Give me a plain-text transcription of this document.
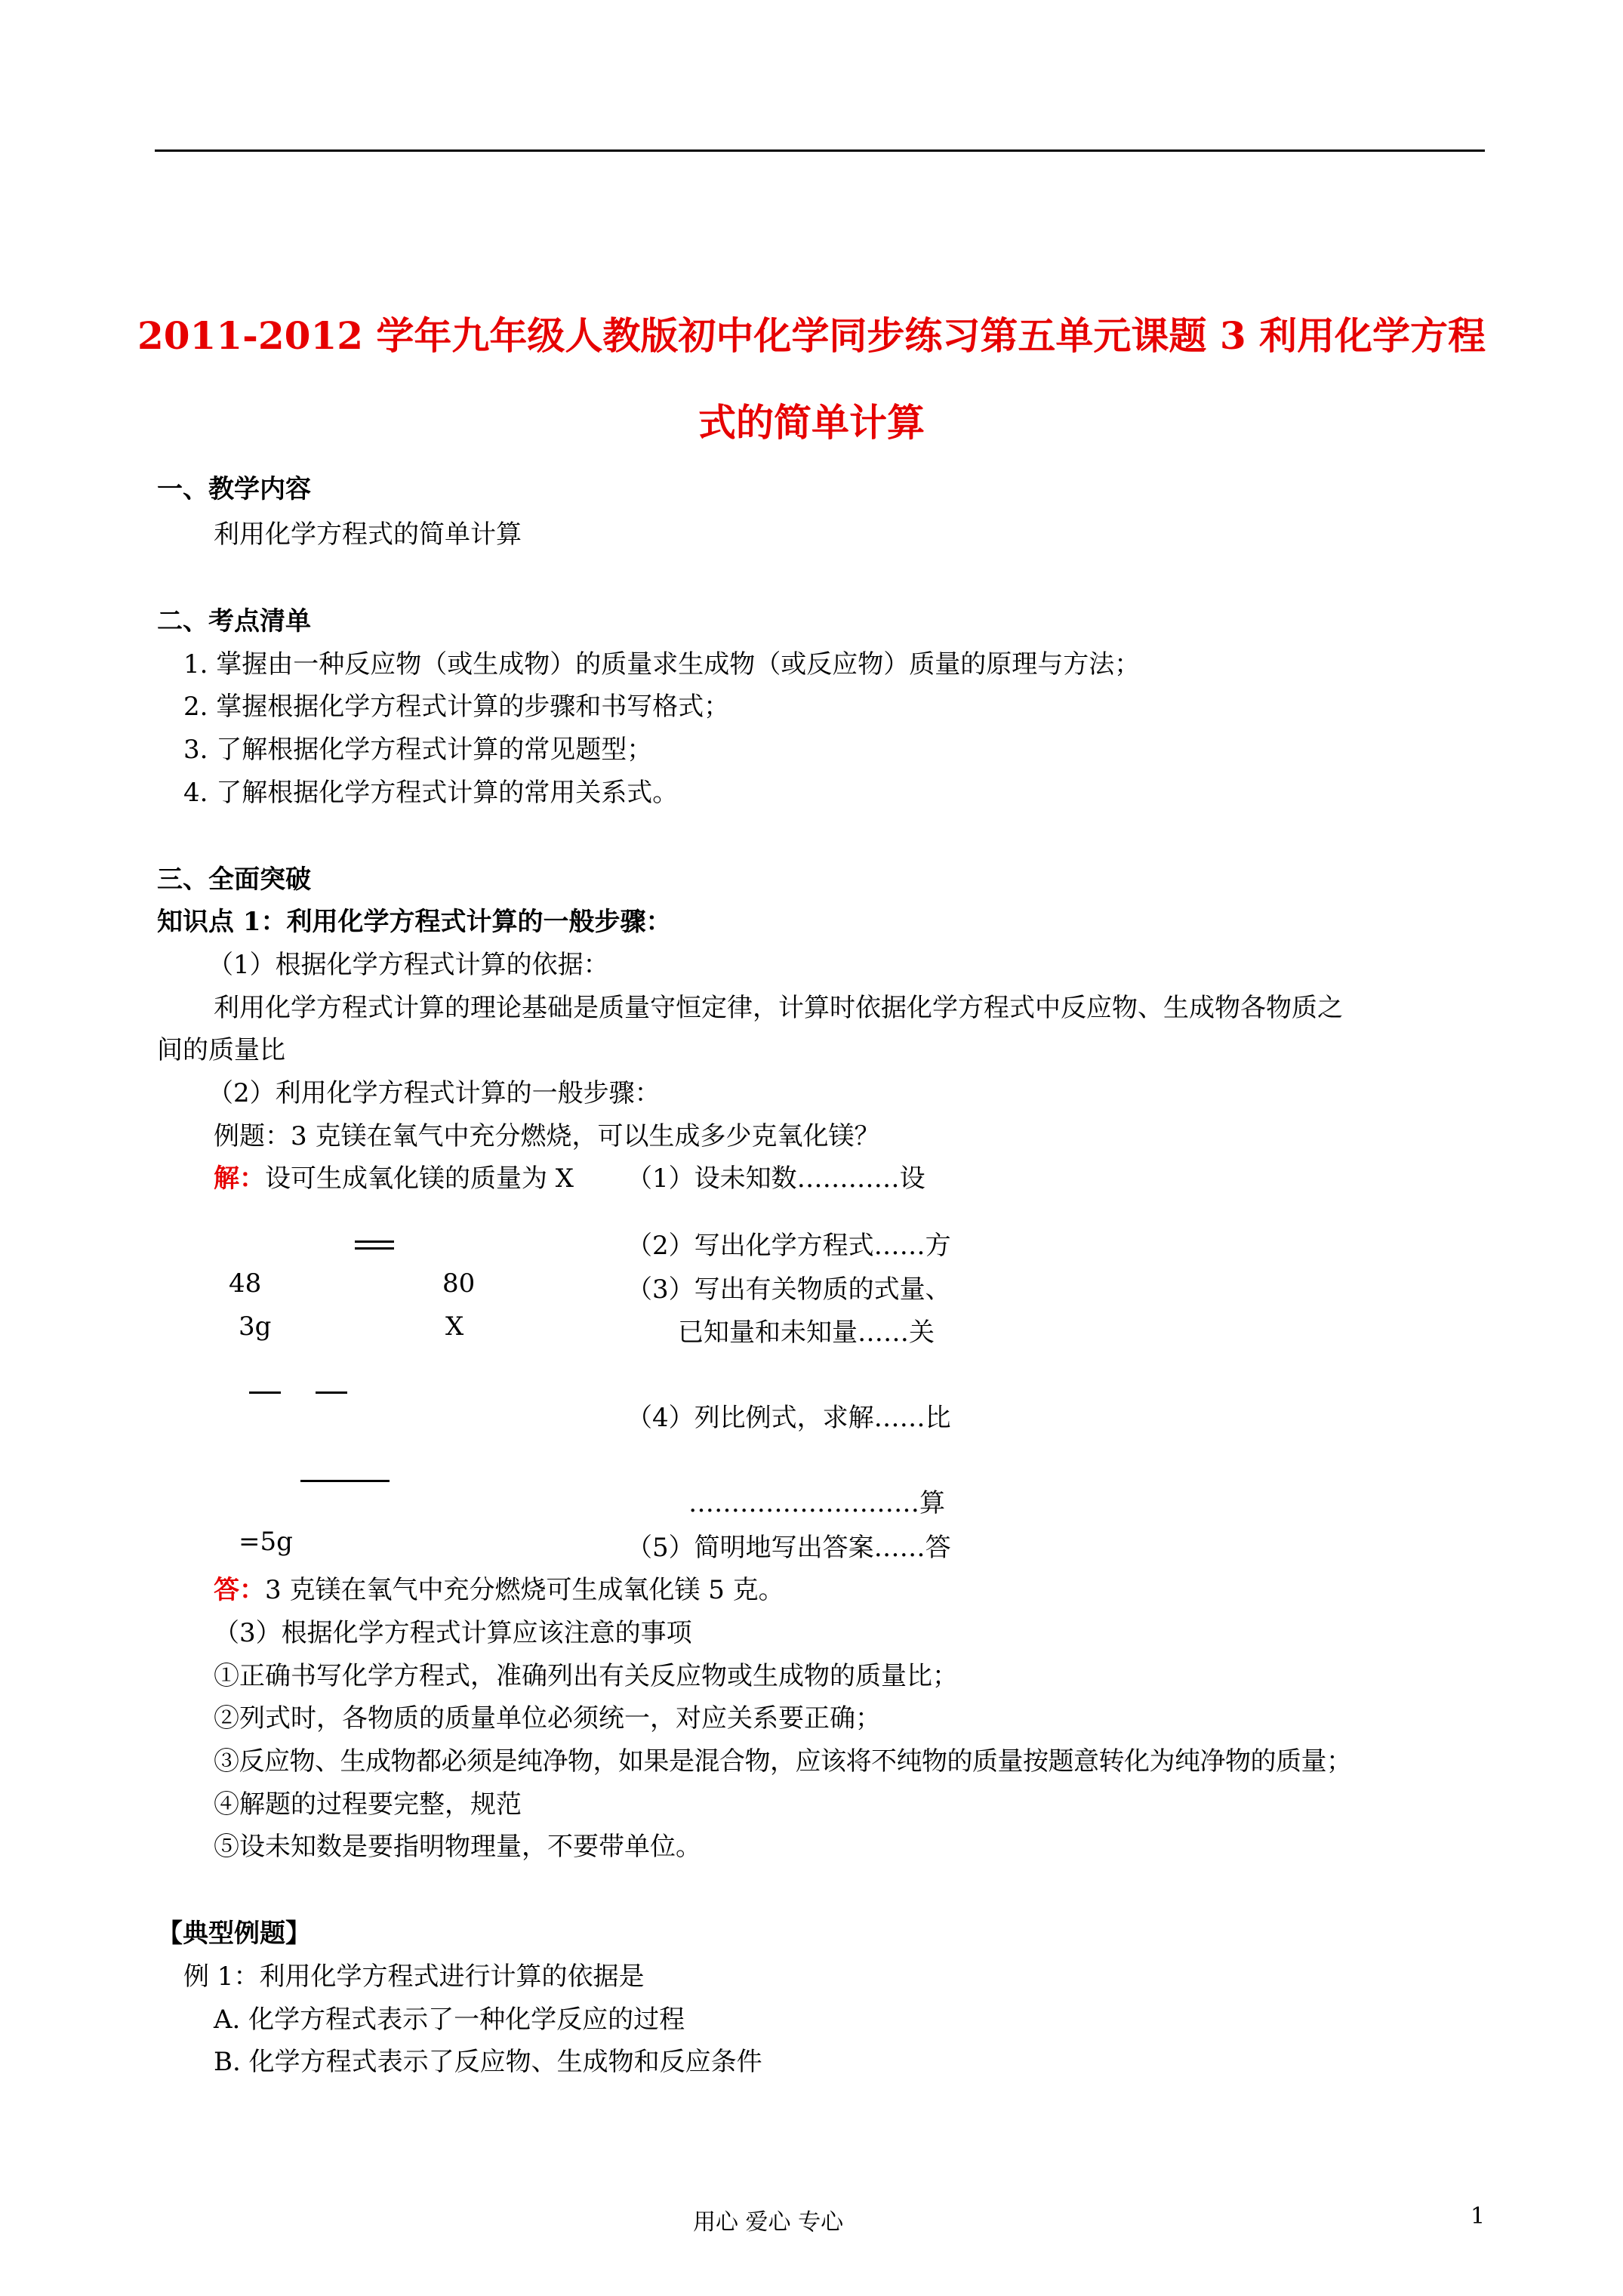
2011-2012 学年九年级人教版初中化学同步练习第五单元课题 3 利用化学方程
式的简单计算
一、教学内容
利用化学方程式的简单计算
二、考点清单
1. 掌握由一种反应物（或生成物）的质量求生成物（或反应物）质量的原理与方法；
2. 掌握根据化学方程式计算的步骤和书写格式；
3. 了解根据化学方程式计算的常见题型；
4. 了解根据化学方程式计算的常用关系式。
三、全面突破
知识点 1：利用化学方程式计算的一般步骤：
（1）根据化学方程式计算的依据：
利用化学方程式计算的理论基础是质量守恒定律，计算时依据化学方程式中反应物、生成物各物质之
间的质量比
（2）利用化学方程式计算的一般步骤：
例题：3 克镁在氧气中充分燃烧，可以生成多少克氧化镁？
解：设可生成氧化镁的质量为 X （1）设未知数…………设
（2）写出化学方程式……方
48	80	（3）写出有关物质的式量、
3g	X	已知量和未知量……关
（4）列比例式，求解……比
………………………算
=5g	（5）简明地写出答案……答
答：3 克镁在氧气中充分燃烧可生成氧化镁 5 克。
（3）根据化学方程式计算应该注意的事项
①正确书写化学方程式，准确列出有关反应物或生成物的质量比；
②列式时，各物质的质量单位必须统一，对应关系要正确；
③反应物、生成物都必须是纯净物，如果是混合物，应该将不纯物的质量按题意转化为纯净物的质量；
④解题的过程要完整，规范
⑤设未知数是要指明物理量，不要带单位。
【典型例题】
例 1：利用化学方程式进行计算的依据是
A. 化学方程式表示了一种化学反应的过程
B. 化学方程式表示了反应物、生成物和反应条件
用心 爱心 专心	1
